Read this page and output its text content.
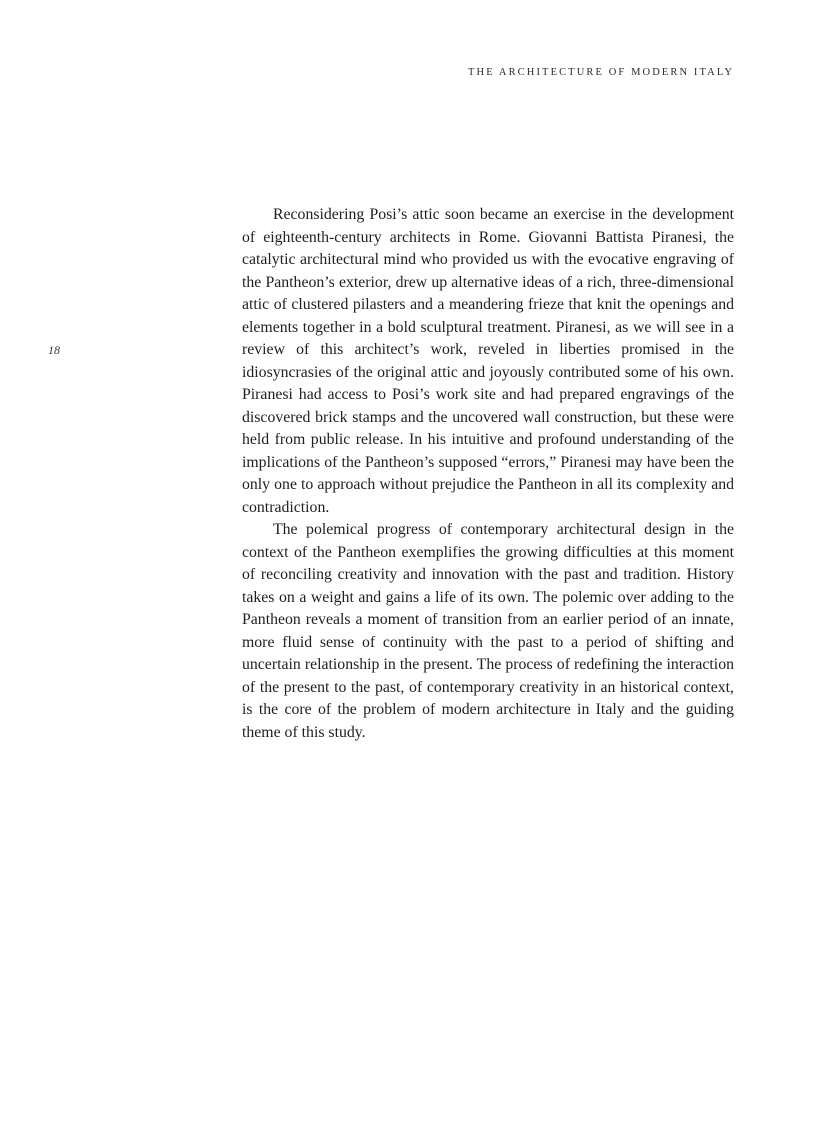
THE ARCHITECTURE OF MODERN ITALY
18

Reconsidering Posi’s attic soon became an exercise in the development of eighteenth-century architects in Rome. Giovanni Battista Piranesi, the catalytic architectural mind who provided us with the evocative engraving of the Pantheon’s exterior, drew up alternative ideas of a rich, three-dimensional attic of clustered pilasters and a meandering frieze that knit the openings and elements together in a bold sculptural treatment. Piranesi, as we will see in a review of this architect’s work, reveled in liberties promised in the idiosyncrasies of the original attic and joyously contributed some of his own. Piranesi had access to Posi’s work site and had prepared engravings of the discovered brick stamps and the uncovered wall construction, but these were held from public release. In his intuitive and profound understanding of the implications of the Pantheon’s supposed “errors,” Piranesi may have been the only one to approach without prejudice the Pantheon in all its complexity and contradiction.

The polemical progress of contemporary architectural design in the context of the Pantheon exemplifies the growing difficulties at this moment of reconciling creativity and innovation with the past and tradition. History takes on a weight and gains a life of its own. The polemic over adding to the Pantheon reveals a moment of transition from an earlier period of an innate, more fluid sense of continuity with the past to a period of shifting and uncertain relationship in the present. The process of redefining the interaction of the present to the past, of contemporary creativity in an historical context, is the core of the problem of modern architecture in Italy and the guiding theme of this study.
